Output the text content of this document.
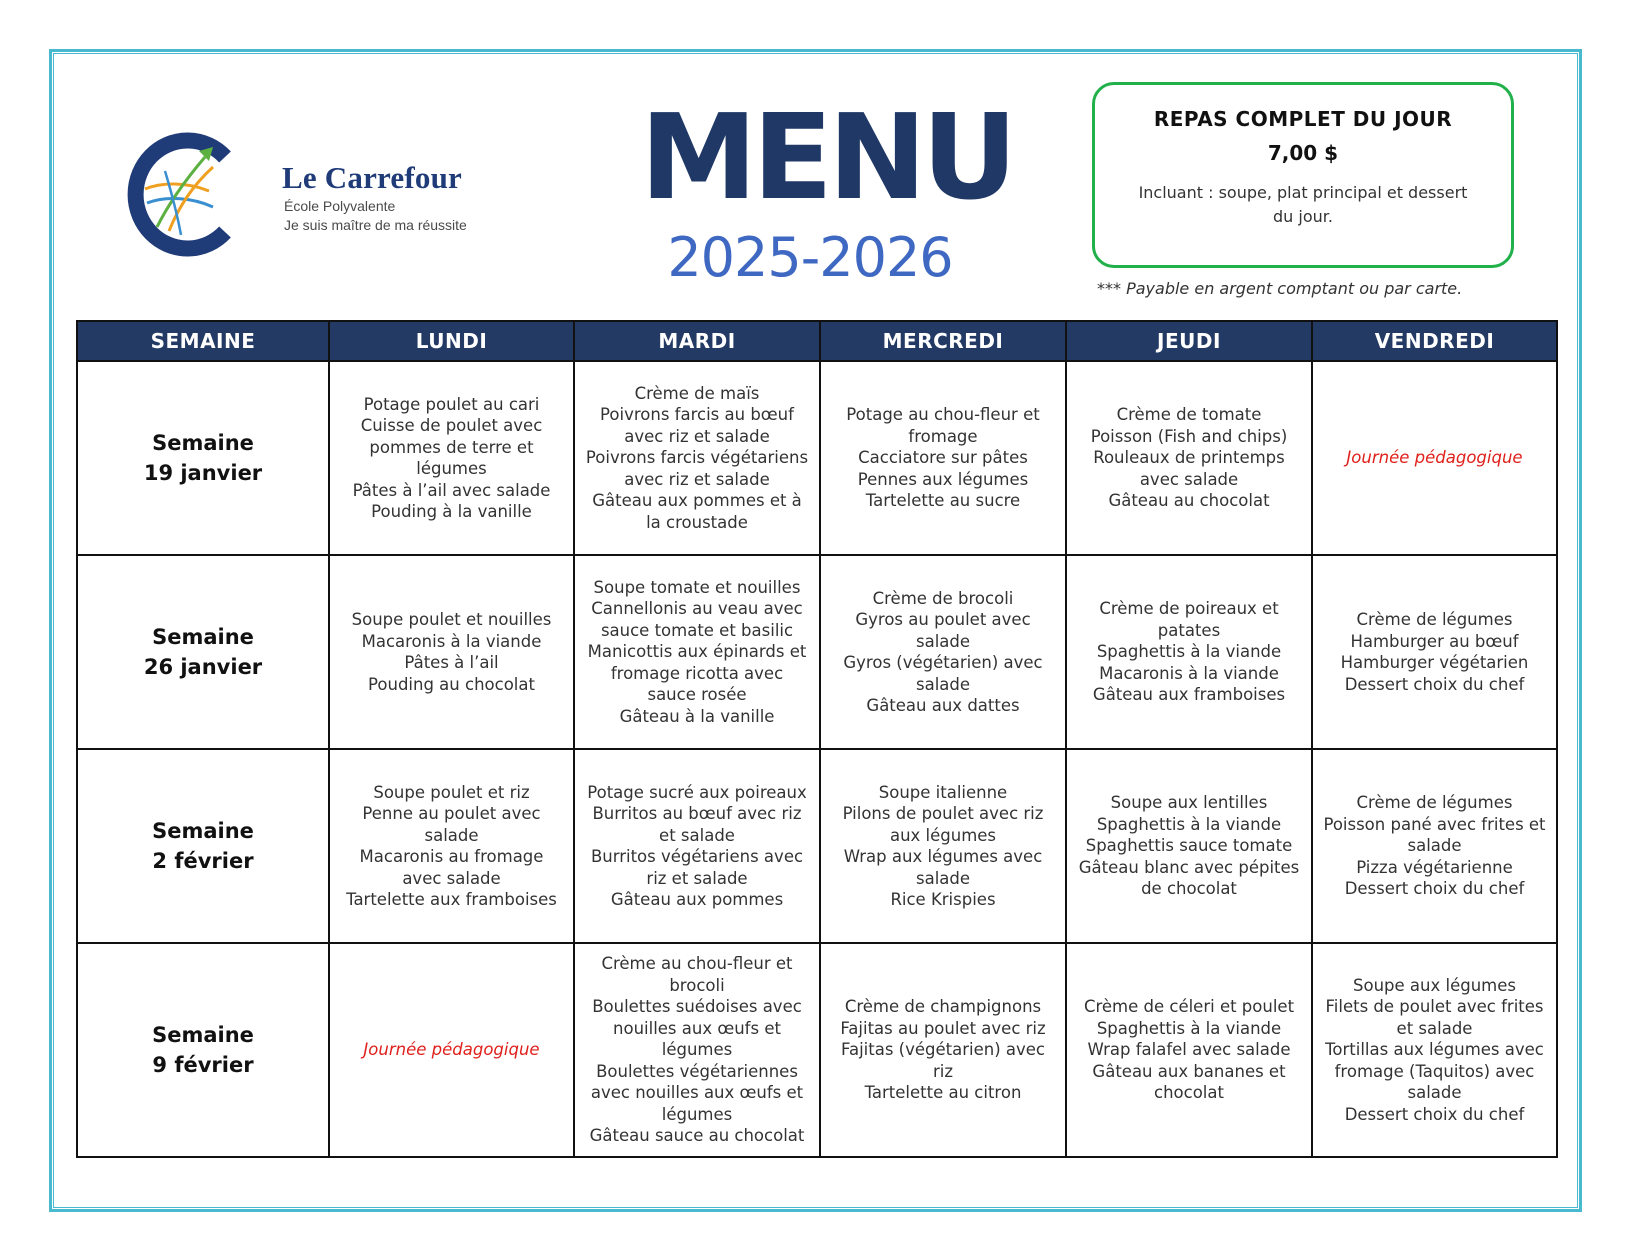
Le Carrefour
École Polyvalente
Je suis maître de ma réussite	MENU
2025-2026
REPAS COMPLET DU JOUR
7,00 $
Incluant : soupe, plat principal et dessert du jour.
*** Payable en argent comptant ou par carte.
SEMAINE	LUNDI	MARDI	MERCREDI	JEUDI	VENDREDI

Semaine
19 janvier	Potage poulet au cari
Cuisse de poulet avec pommes de terre et légumes
Pâtes à l’ail avec salade
Pouding à la vanille	Crème de maïs
Poivrons farcis au bœuf avec riz et salade
Poivrons farcis végétariens avec riz et salade
Gâteau aux pommes et à la croustade	Potage au chou-fleur et fromage
Cacciatore sur pâtes
Pennes aux légumes
Tartelette au sucre	Crème de tomate
Poisson (Fish and chips)
Rouleaux de printemps avec salade
Gâteau au chocolat	Journée pédagogique

Semaine
26 janvier	Soupe poulet et nouilles
Macaronis à la viande
Pâtes à l’ail
Pouding au chocolat	Soupe tomate et nouilles
Cannellonis au veau avec sauce tomate et basilic
Manicottis aux épinards et fromage ricotta avec sauce rosée
Gâteau à la vanille	Crème de brocoli
Gyros au poulet avec salade
Gyros (végétarien) avec salade
Gâteau aux dattes	Crème de poireaux et patates
Spaghettis à la viande
Macaronis à la viande
Gâteau aux framboises	Crème de légumes
Hamburger au bœuf
Hamburger végétarien
Dessert choix du chef

Semaine
2 février	Soupe poulet et riz
Penne au poulet avec salade
Macaronis au fromage avec salade
Tartelette aux framboises	Potage sucré aux poireaux
Burritos au bœuf avec riz et salade
Burritos végétariens avec riz et salade
Gâteau aux pommes	Soupe italienne
Pilons de poulet avec riz aux légumes
Wrap aux légumes avec salade
Rice Krispies	Soupe aux lentilles
Spaghettis à la viande
Spaghettis sauce tomate
Gâteau blanc avec pépites de chocolat	Crème de légumes
Poisson pané avec frites et salade
Pizza végétarienne
Dessert choix du chef

Semaine
9 février	Journée pédagogique	Crème au chou-fleur et brocoli
Boulettes suédoises avec nouilles aux œufs et légumes
Boulettes végétariennes avec nouilles aux œufs et légumes
Gâteau sauce au chocolat	Crème de champignons
Fajitas au poulet avec riz
Fajitas (végétarien) avec riz
Tartelette au citron	Crème de céleri et poulet
Spaghettis à la viande
Wrap falafel avec salade
Gâteau aux bananes et chocolat	Soupe aux légumes
Filets de poulet avec frites et salade
Tortillas aux légumes avec fromage (Taquitos) avec salade
Dessert choix du chef
